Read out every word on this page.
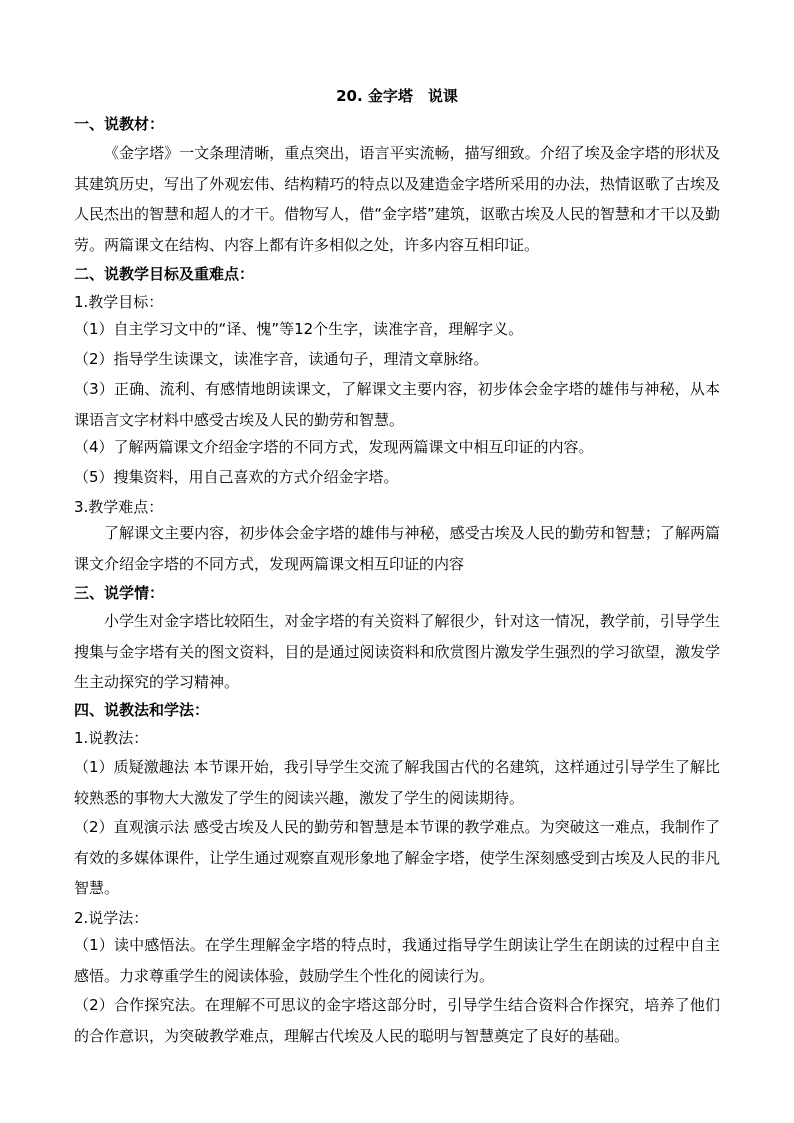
20. 金字塔　说课
一、说教材：

《金字塔》一文条理清晰，重点突出，语言平实流畅，描写细致。介绍了埃及金字塔的形状及其建筑历史，写出了外观宏伟、结构精巧的特点以及建造金字塔所采用的办法，热情讴歌了古埃及人民杰出的智慧和超人的才干。借物写人，借“金字塔”建筑，讴歌古埃及人民的智慧和才干以及勤劳。两篇课文在结构、内容上都有许多相似之处，许多内容互相印证。

二、说教学目标及重难点：
1.教学目标：

（1）自主学习文中的“译、愧”等12个生字，读准字音，理解字义。

（2）指导学生读课文，读准字音，读通句子，理清文章脉络。

（3）正确、流利、有感情地朗读课文，了解课文主要内容，初步体会金字塔的雄伟与神秘，从本课语言文字材料中感受古埃及人民的勤劳和智慧。

（4）了解两篇课文介绍金字塔的不同方式，发现两篇课文中相互印证的内容。

（5）搜集资料，用自己喜欢的方式介绍金字塔。

3.教学难点：

了解课文主要内容，初步体会金字塔的雄伟与神秘，感受古埃及人民的勤劳和智慧；了解两篇课文介绍金字塔的不同方式，发现两篇课文相互印证的内容

三、说学情：

小学生对金字塔比较陌生，对金字塔的有关资料了解很少，针对这一情况，教学前，引导学生搜集与金字塔有关的图文资料，目的是通过阅读资料和欣赏图片激发学生强烈的学习欲望，激发学生主动探究的学习精神。

四、说教法和学法：
1.说教法：

（1）质疑激趣法 本节课开始，我引导学生交流了解我国古代的名建筑，这样通过引导学生了解比较熟悉的事物大大激发了学生的阅读兴趣，激发了学生的阅读期待。

（2）直观演示法 感受古埃及人民的勤劳和智慧是本节课的教学难点。为突破这一难点，我制作了有效的多媒体课件，让学生通过观察直观形象地了解金字塔，使学生深刻感受到古埃及人民的非凡智慧。

2.说学法：

（1）读中感悟法。在学生理解金字塔的特点时，我通过指导学生朗读让学生在朗读的过程中自主感悟。力求尊重学生的阅读体验，鼓励学生个性化的阅读行为。

（2）合作探究法。在理解不可思议的金字塔这部分时，引导学生结合资料合作探究，培养了他们的合作意识，为突破教学难点，理解古代埃及人民的聪明与智慧奠定了良好的基础。
